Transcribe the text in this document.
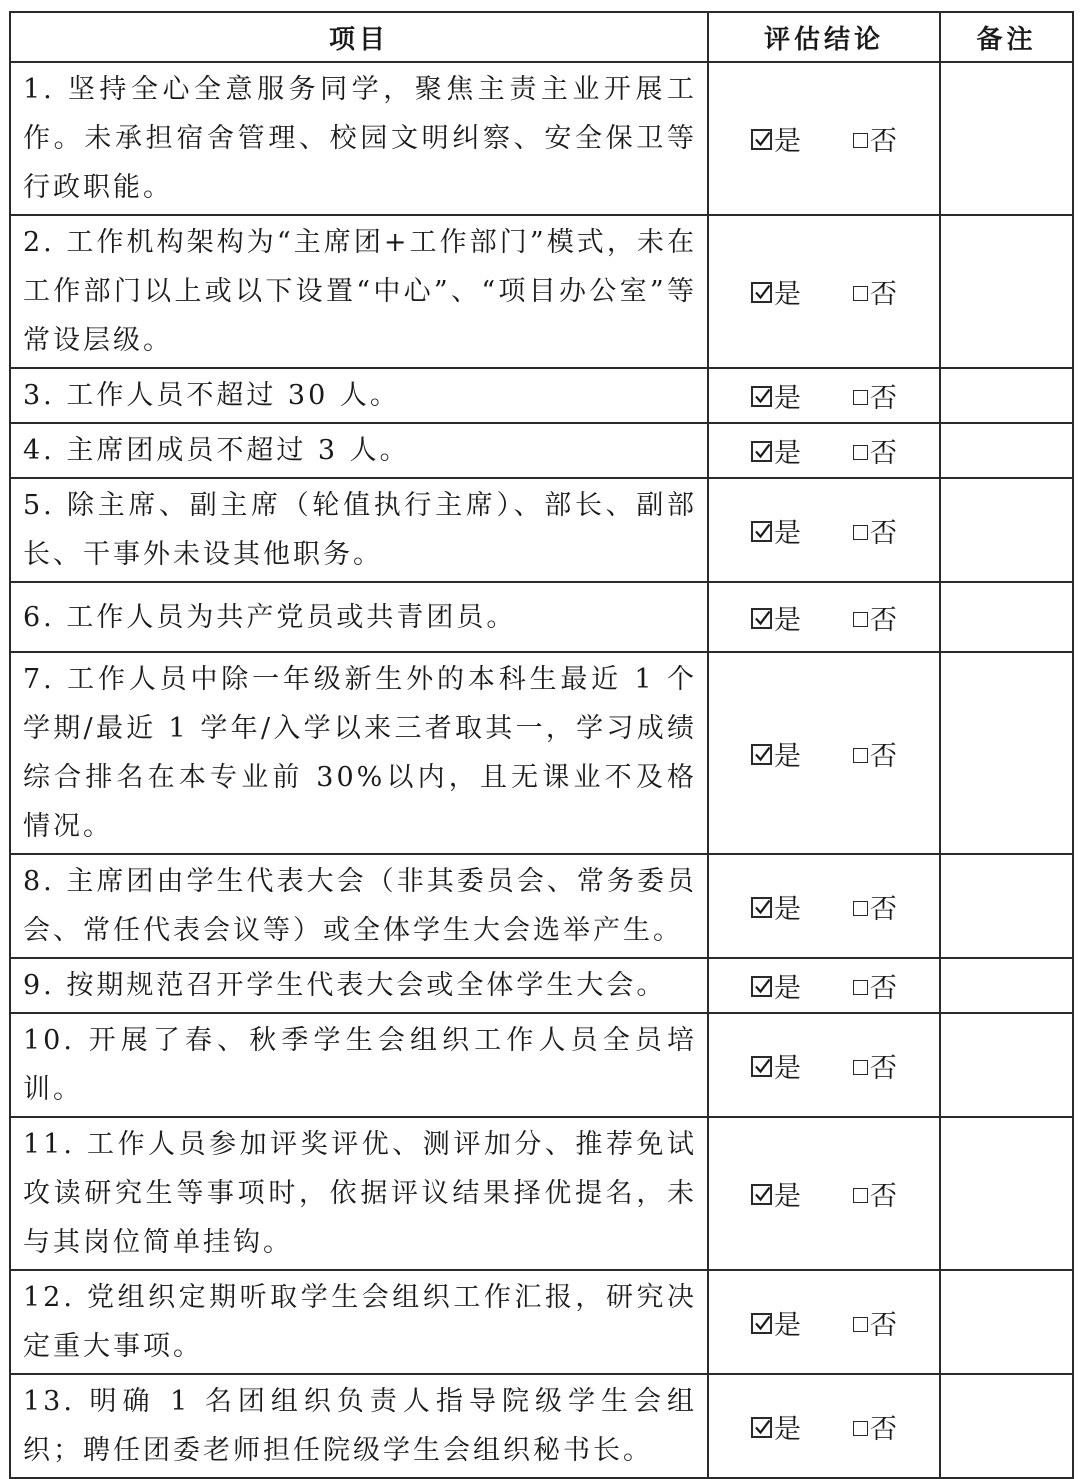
项目	评估结论	备注
1. 坚持全心全意服务同学，聚焦主责主业开展工作。未承担宿舍管理、校园文明纠察、安全保卫等行政职能。	是 否	
2. 工作机构架构为“主席团+工作部门”模式，未在工作部门以上或以下设置“中心”、“项目办公室”等常设层级。	是 否	
3. 工作人员不超过 30 人。	是 否	
4. 主席团成员不超过 3 人。	是 否	
5. 除主席、副主席（轮值执行主席）、部长、副部长、干事外未设其他职务。	是 否	
6. 工作人员为共产党员或共青团员。	是 否	
7. 工作人员中除一年级新生外的本科生最近 1 个学期/最近 1 学年/入学以来三者取其一，学习成绩综合排名在本专业前 30%以内，且无课业不及格情况。	是 否	
8. 主席团由学生代表大会（非其委员会、常务委员会、常任代表会议等）或全体学生大会选举产生。	是 否	
9. 按期规范召开学生代表大会或全体学生大会。	是 否	
10. 开展了春、秋季学生会组织工作人员全员培训。	是 否	
11. 工作人员参加评奖评优、测评加分、推荐免试攻读研究生等事项时，依据评议结果择优提名，未与其岗位简单挂钩。	是 否	
12. 党组织定期听取学生会组织工作汇报，研究决定重大事项。	是 否	
13. 明确 1 名团组织负责人指导院级学生会组织；聘任团委老师担任院级学生会组织秘书长。	是 否	
